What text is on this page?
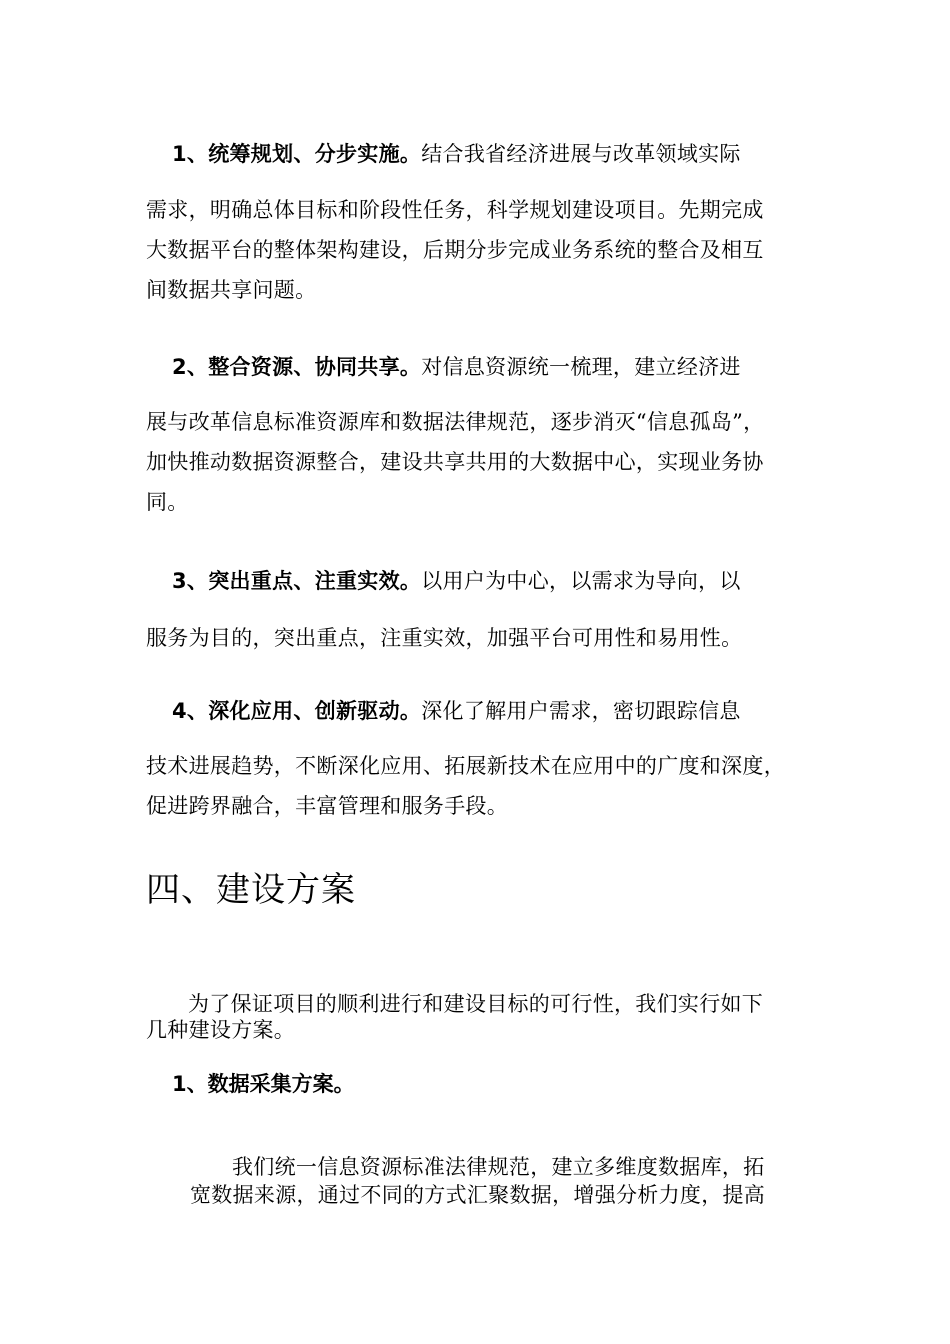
1、统筹规划、分步实施。结合我省经济进展与改革领域实际
需求，明确总体目标和阶段性任务，科学规划建设项目。先期完成
大数据平台的整体架构建设，后期分步完成业务系统的整合及相互
间数据共享问题。
2、整合资源、协同共享。对信息资源统一梳理，建立经济进
展与改革信息标准资源库和数据法律规范，逐步消灭“信息孤岛”，
加快推动数据资源整合，建设共享共用的大数据中心，实现业务协
同。
3、突出重点、注重实效。以用户为中心，以需求为导向，以
服务为目的，突出重点，注重实效，加强平台可用性和易用性。
4、深化应用、创新驱动。深化了解用户需求，密切跟踪信息
技术进展趋势，不断深化应用、拓展新技术在应用中的广度和深度，
促进跨界融合，丰富管理和服务手段。
四、建设方案
为了保证项目的顺利进行和建设目标的可行性，我们实行如下
几种建设方案。
1、数据采集方案。
我们统一信息资源标准法律规范，建立多维度数据库，拓
宽数据来源，通过不同的方式汇聚数据，增强分析力度，提高
